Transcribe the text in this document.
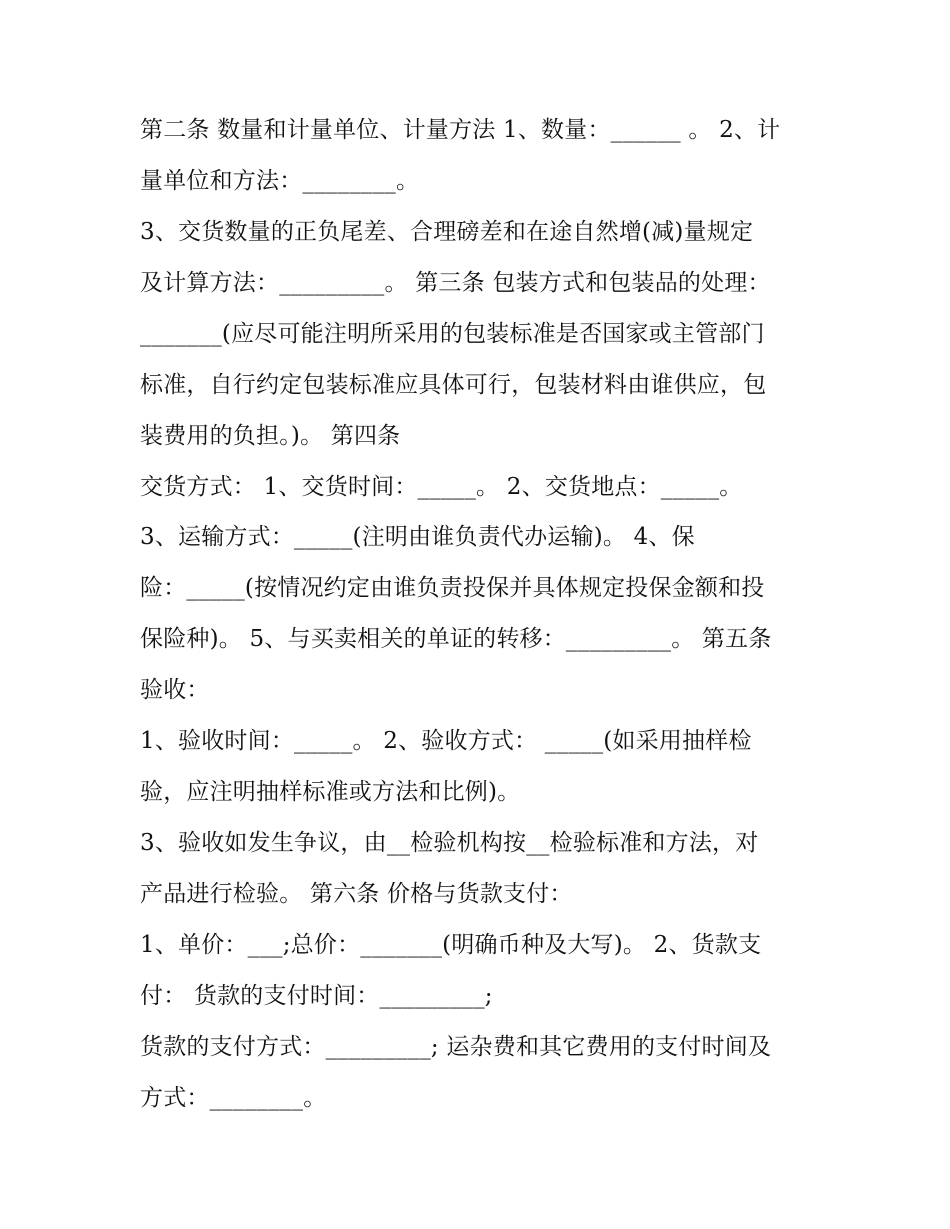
第二条 数量和计量单位、计量方法 1、数量：______ 。 2、计
量单位和方法：________。
3、交货数量的正负尾差、合理磅差和在途自然增(减)量规定
及计算方法：_________。 第三条 包装方式和包装品的处理：
_______(应尽可能注明所采用的包装标准是否国家或主管部门
标准，自行约定包装标准应具体可行，包装材料由谁供应，包
装费用的负担。)。 第四条
交货方式： 1、交货时间：_____。 2、交货地点：_____。
3、运输方式：_____(注明由谁负责代办运输)。 4、保
险：_____(按情况约定由谁负责投保并具体规定投保金额和投
保险种)。 5、与买卖相关的单证的转移：_________。 第五条
验收：
1、验收时间：_____。 2、验收方式： _____(如采用抽样检
验，应注明抽样标准或方法和比例)。
3、验收如发生争议，由__检验机构按__检验标准和方法，对
产品进行检验。 第六条 价格与货款支付：
1、单价：___;总价：_______(明确币种及大写)。 2、货款支
付： 货款的支付时间：_________;
货款的支付方式：_________; 运杂费和其它费用的支付时间及
方式：________。
